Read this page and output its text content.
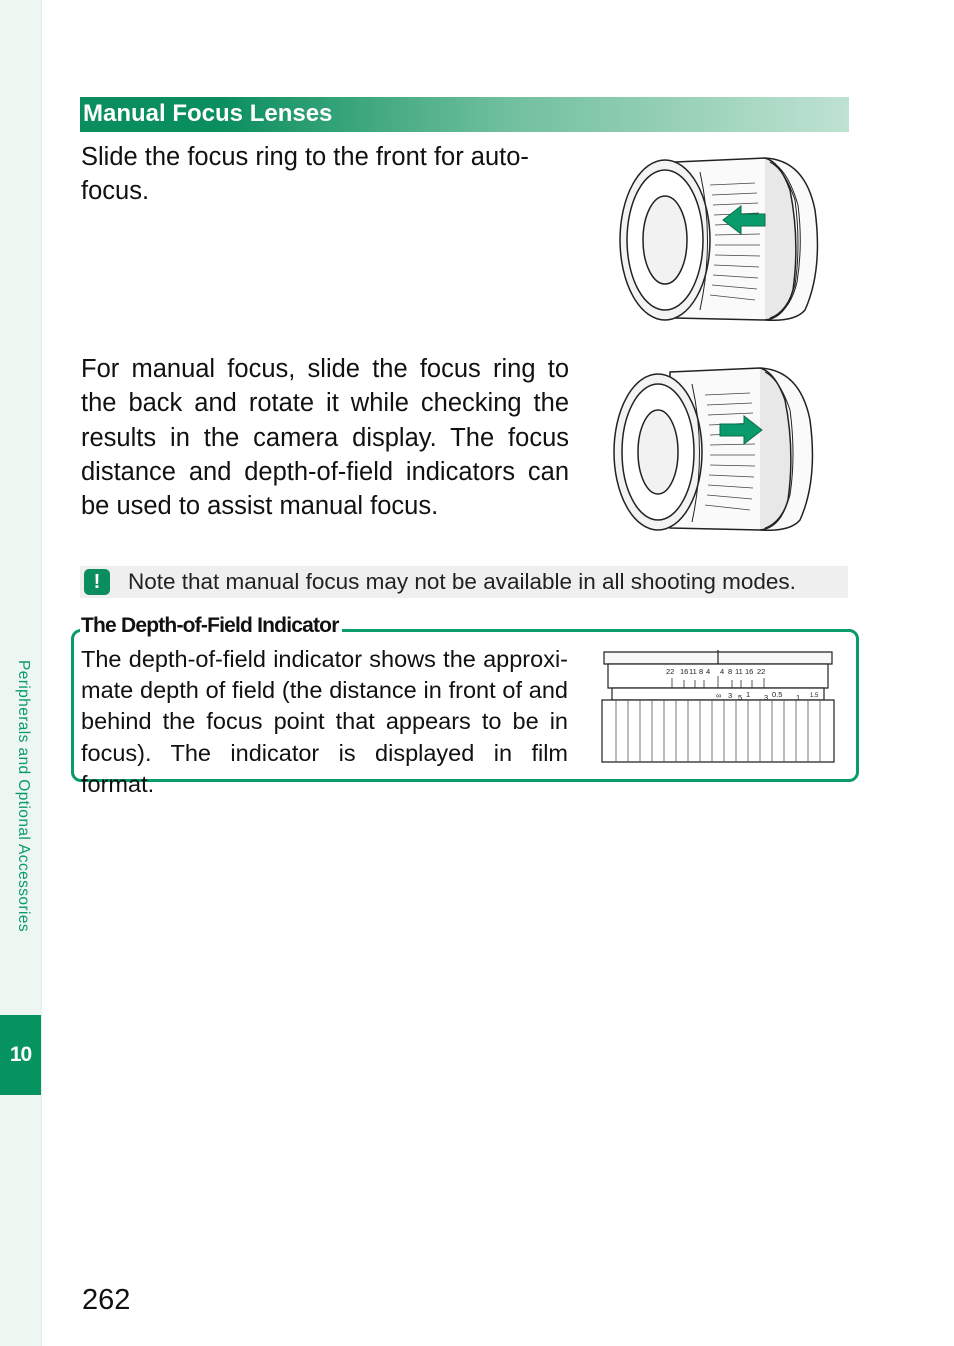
Peripherals and Optional Accessories
10
Manual Focus Lenses
Slide the focus ring to the front for auto-focus.
For manual focus, slide the focus ring to the back and rotate it while checking the results in the camera display. The focus distance and depth-of-field indicators can be used to assist manual focus.
!	Note that manual focus may not be available in all shooting modes.
The Depth-of-Field Indicator
The depth-of-field indicator shows the approxi-mate depth of field (the distance in front of and behind the focus point that appears to be in focus). The indicator is displayed in film format.
22 16 11 8 4 4 8 11 16 22
∞ 3 5 1 3 0.5 1 1.5
262
